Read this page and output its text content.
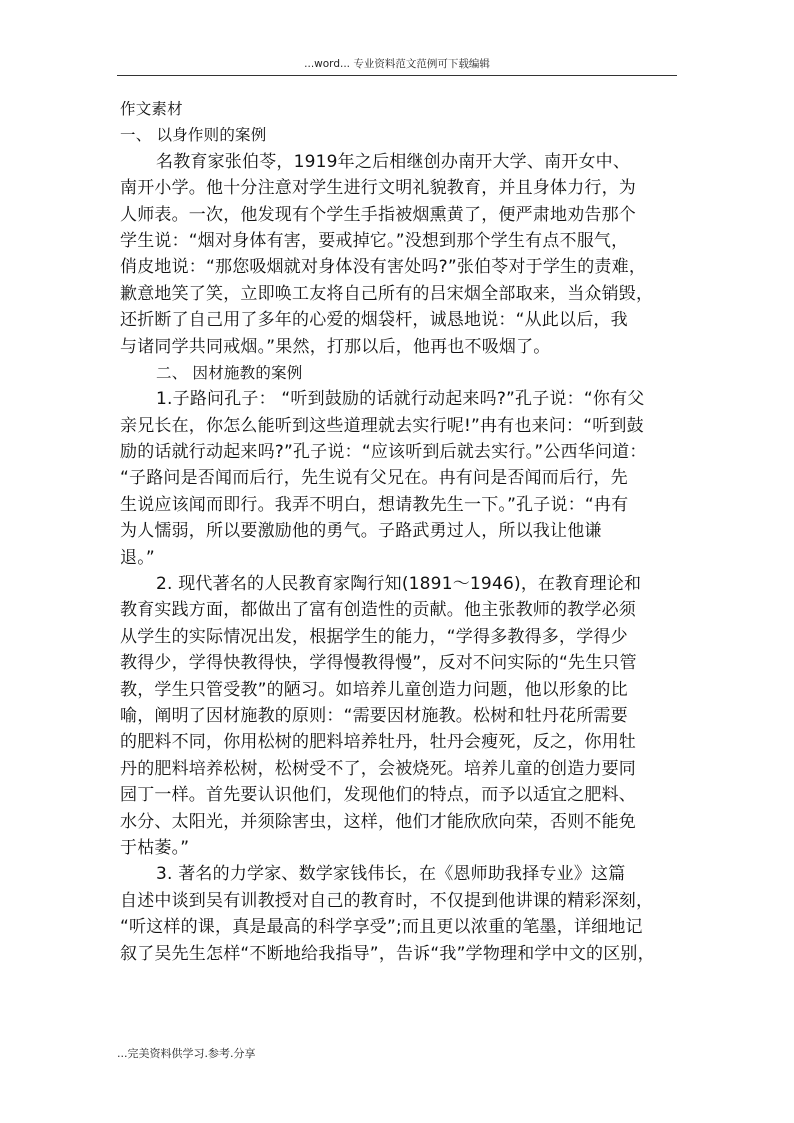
...word... 专业资料范文范例可下载编辑
作文素材
一、 以身作则的案例
名教育家张伯苓，1919年之后相继创办南开大学、南开女中、
南开小学。他十分注意对学生进行文明礼貌教育，并且身体力行，为
人师表。一次，他发现有个学生手指被烟熏黄了，便严肃地劝告那个
学生说：“烟对身体有害，要戒掉它。”没想到那个学生有点不服气，
俏皮地说：“那您吸烟就对身体没有害处吗?”张伯苓对于学生的责难，
歉意地笑了笑，立即唤工友将自己所有的吕宋烟全部取来，当众销毁，
还折断了自己用了多年的心爱的烟袋杆，诚恳地说：“从此以后，我
与诸同学共同戒烟。”果然，打那以后，他再也不吸烟了。
二、 因材施教的案例
1.子路问孔子： “听到鼓励的话就行动起来吗?”孔子说：“你有父
亲兄长在，你怎么能听到这些道理就去实行呢!”冉有也来问：“听到鼓
励的话就行动起来吗?”孔子说：“应该听到后就去实行。”公西华问道：
“子路问是否闻而后行，先生说有父兄在。冉有问是否闻而后行，先
生说应该闻而即行。我弄不明白，想请教先生一下。”孔子说：“冉有
为人懦弱，所以要激励他的勇气。子路武勇过人，所以我让他谦
退。”
2. 现代著名的人民教育家陶行知(1891～1946)，在教育理论和
教育实践方面，都做出了富有创造性的贡献。他主张教师的教学必须
从学生的实际情况出发，根据学生的能力，“学得多教得多，学得少
教得少，学得快教得快，学得慢教得慢”，反对不问实际的“先生只管
教，学生只管受教”的陋习。如培养儿童创造力问题，他以形象的比
喻，阐明了因材施教的原则：“需要因材施教。松树和牡丹花所需要
的肥料不同，你用松树的肥料培养牡丹，牡丹会瘦死，反之，你用牡
丹的肥料培养松树，松树受不了，会被烧死。培养儿童的创造力要同
园丁一样。首先要认识他们，发现他们的特点，而予以适宜之肥料、
水分、太阳光，并须除害虫，这样，他们才能欣欣向荣，否则不能免
于枯萎。”
3. 著名的力学家、数学家钱伟长，在《恩师助我择专业》这篇
自述中谈到吴有训教授对自己的教育时，不仅提到他讲课的精彩深刻，
“听这样的课，真是最高的科学享受”;而且更以浓重的笔墨，详细地记
叙了吴先生怎样“不断地给我指导”，告诉“我”学物理和学中文的区别，
...完美资料供学习.参考.分享
